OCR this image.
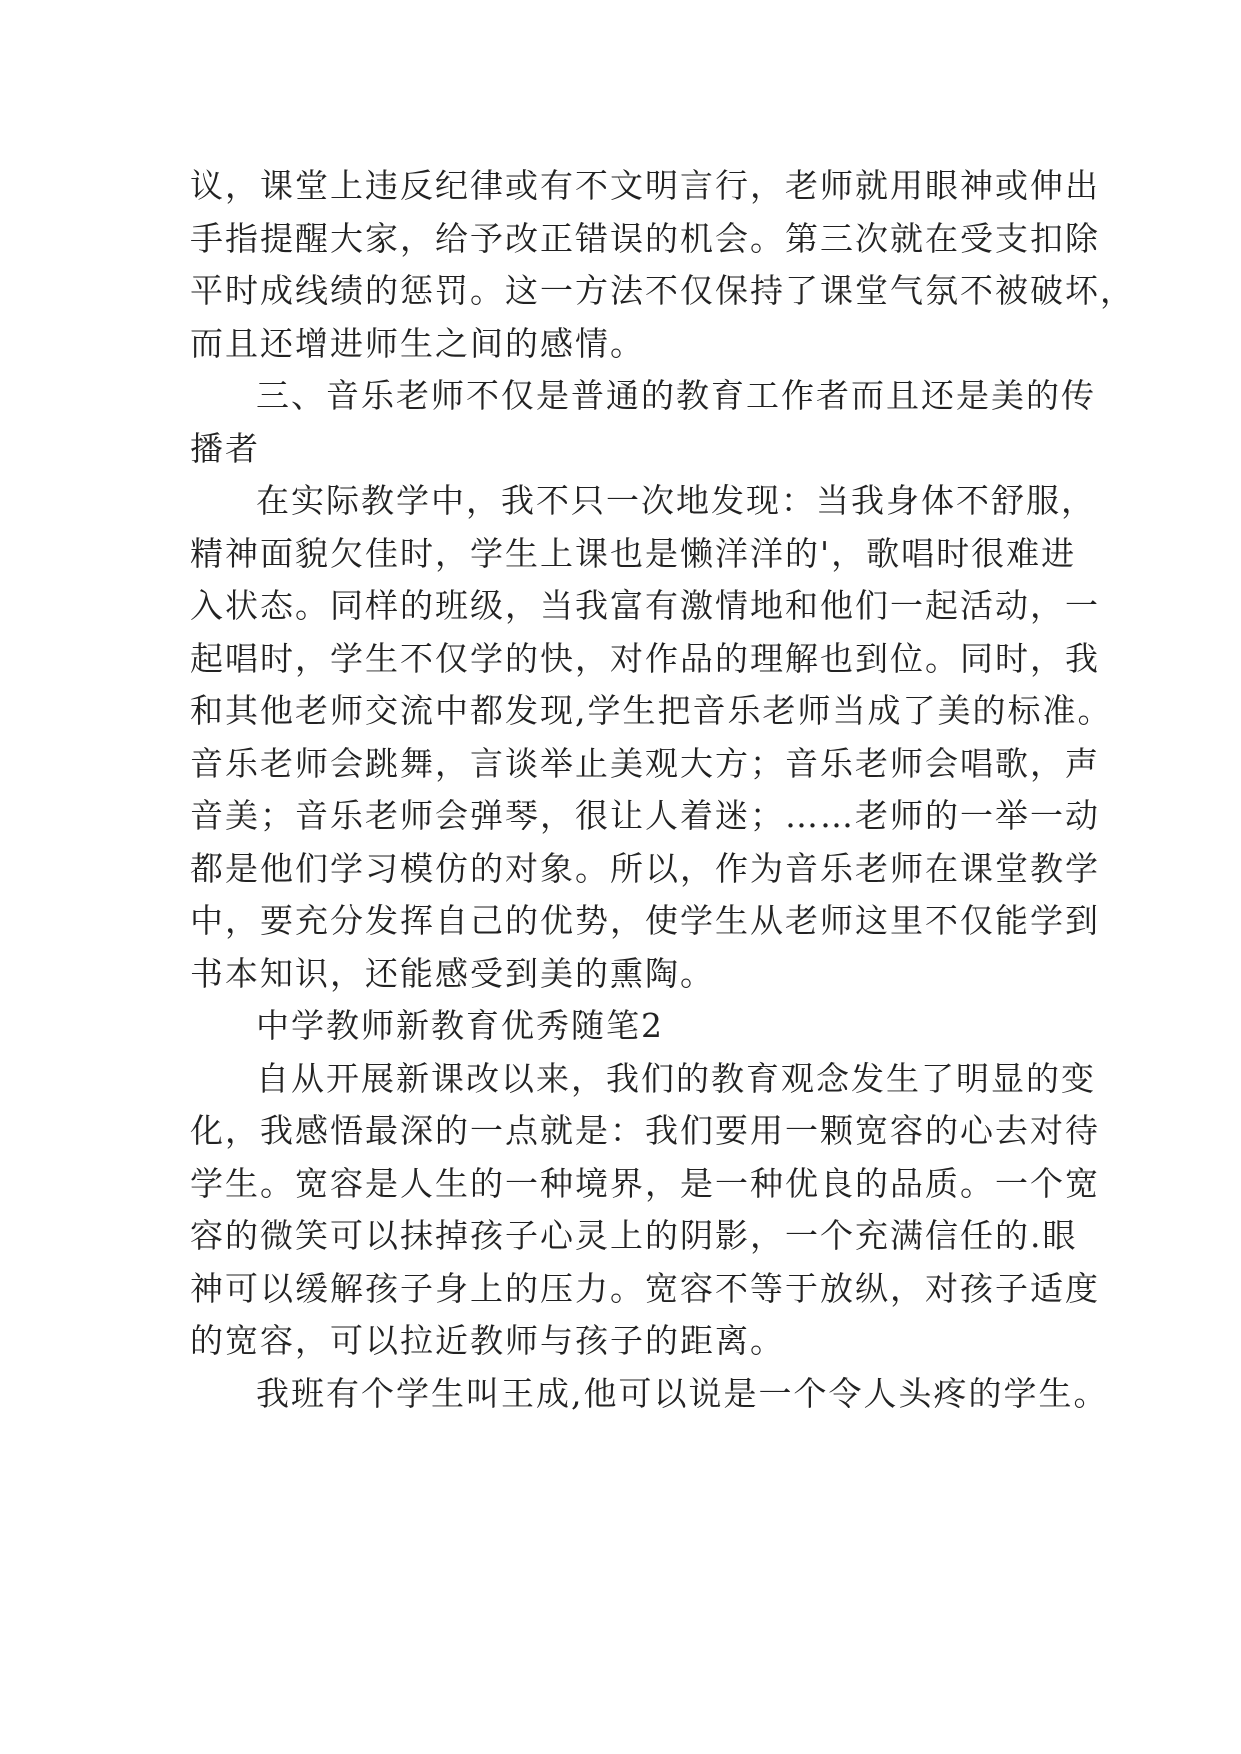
议，课堂上违反纪律或有不文明言行，老师就用眼神或伸出
手指提醒大家，给予改正错误的机会。第三次就在受支扣除
平时成线绩的惩罚。这一方法不仅保持了课堂气氛不被破坏，
而且还增进师生之间的感情。
三、音乐老师不仅是普通的教育工作者而且还是美的传
播者
在实际教学中，我不只一次地发现：当我身体不舒服，
精神面貌欠佳时，学生上课也是懒洋洋的'，歌唱时很难进
入状态。同样的班级，当我富有激情地和他们一起活动，一
起唱时，学生不仅学的快，对作品的理解也到位。同时，我
和其他老师交流中都发现,学生把音乐老师当成了美的标准。
音乐老师会跳舞，言谈举止美观大方；音乐老师会唱歌，声
音美；音乐老师会弹琴，很让人着迷；……老师的一举一动
都是他们学习模仿的对象。所以，作为音乐老师在课堂教学
中，要充分发挥自己的优势，使学生从老师这里不仅能学到
书本知识，还能感受到美的熏陶。
中学教师新教育优秀随笔2
自从开展新课改以来，我们的教育观念发生了明显的变
化，我感悟最深的一点就是：我们要用一颗宽容的心去对待
学生。宽容是人生的一种境界，是一种优良的品质。一个宽
容的微笑可以抹掉孩子心灵上的阴影，一个充满信任的.眼
神可以缓解孩子身上的压力。宽容不等于放纵，对孩子适度
的宽容，可以拉近教师与孩子的距离。
我班有个学生叫王成,他可以说是一个令人头疼的学生。
